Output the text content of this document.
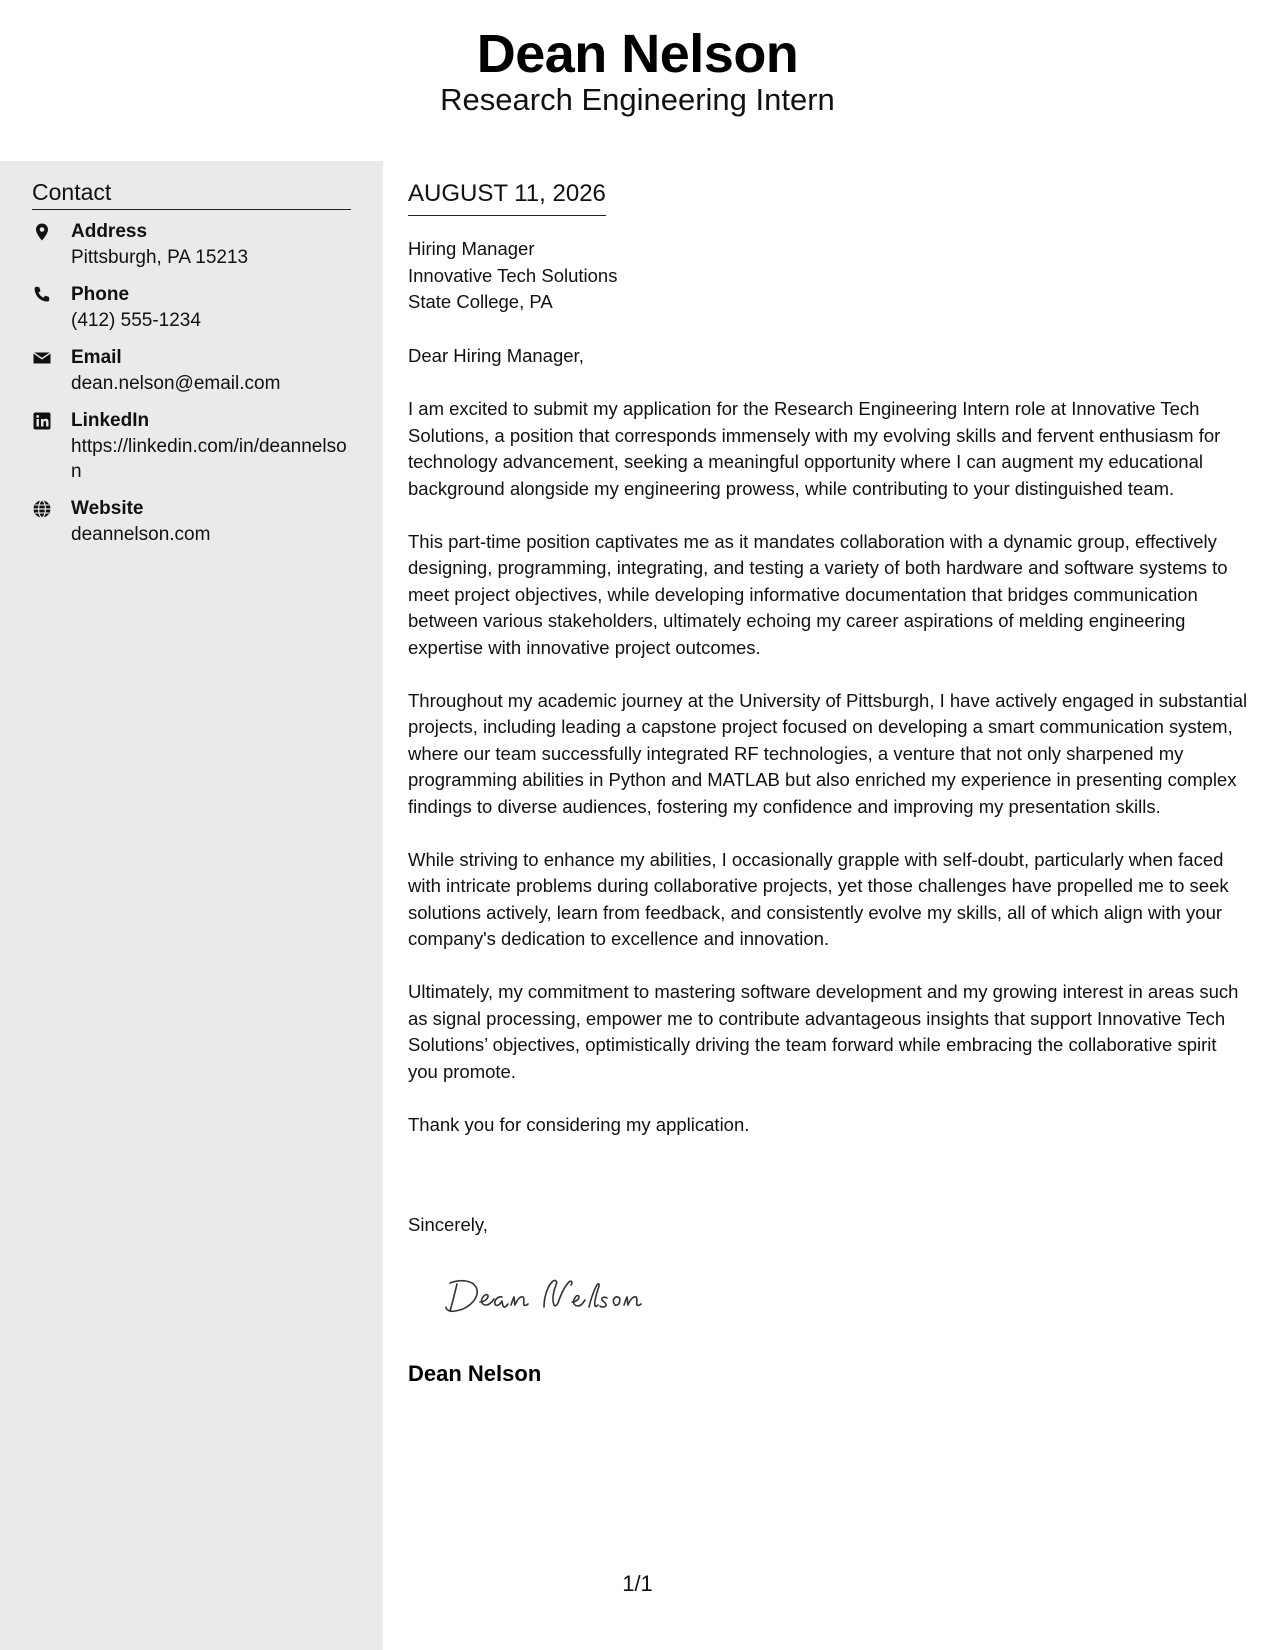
Dean Nelson
Research Engineering Intern
Contact
Address
Pittsburgh, PA 15213
Phone
(412) 555-1234
Email
dean.nelson@email.com
LinkedIn
https://linkedin.com/in/deannelson
Website
deannelson.com
AUGUST 11, 2026
Hiring Manager
Innovative Tech Solutions
State College, PA

Dear Hiring Manager,

I am excited to submit my application for the Research Engineering Intern role at Innovative Tech Solutions, a position that corresponds immensely with my evolving skills and fervent enthusiasm for technology advancement, seeking a meaningful opportunity where I can augment my educational background alongside my engineering prowess, while contributing to your distinguished team.

This part-time position captivates me as it mandates collaboration with a dynamic group, effectively designing, programming, integrating, and testing a variety of both hardware and software systems to meet project objectives, while developing informative documentation that bridges communication between various stakeholders, ultimately echoing my career aspirations of melding engineering expertise with innovative project outcomes.

Throughout my academic journey at the University of Pittsburgh, I have actively engaged in substantial projects, including leading a capstone project focused on developing a smart communication system, where our team successfully integrated RF technologies, a venture that not only sharpened my programming abilities in Python and MATLAB but also enriched my experience in presenting complex findings to diverse audiences, fostering my confidence and improving my presentation skills.

While striving to enhance my abilities, I occasionally grapple with self-doubt, particularly when faced with intricate problems during collaborative projects, yet those challenges have propelled me to seek solutions actively, learn from feedback, and consistently evolve my skills, all of which align with your company's dedication to excellence and innovation.

Ultimately, my commitment to mastering software development and my growing interest in areas such as signal processing, empower me to contribute advantageous insights that support Innovative Tech Solutions’ objectives, optimistically driving the team forward while embracing the collaborative spirit you promote.

Thank you for considering my application.

Sincerely,
Dean Nelson
1/1
